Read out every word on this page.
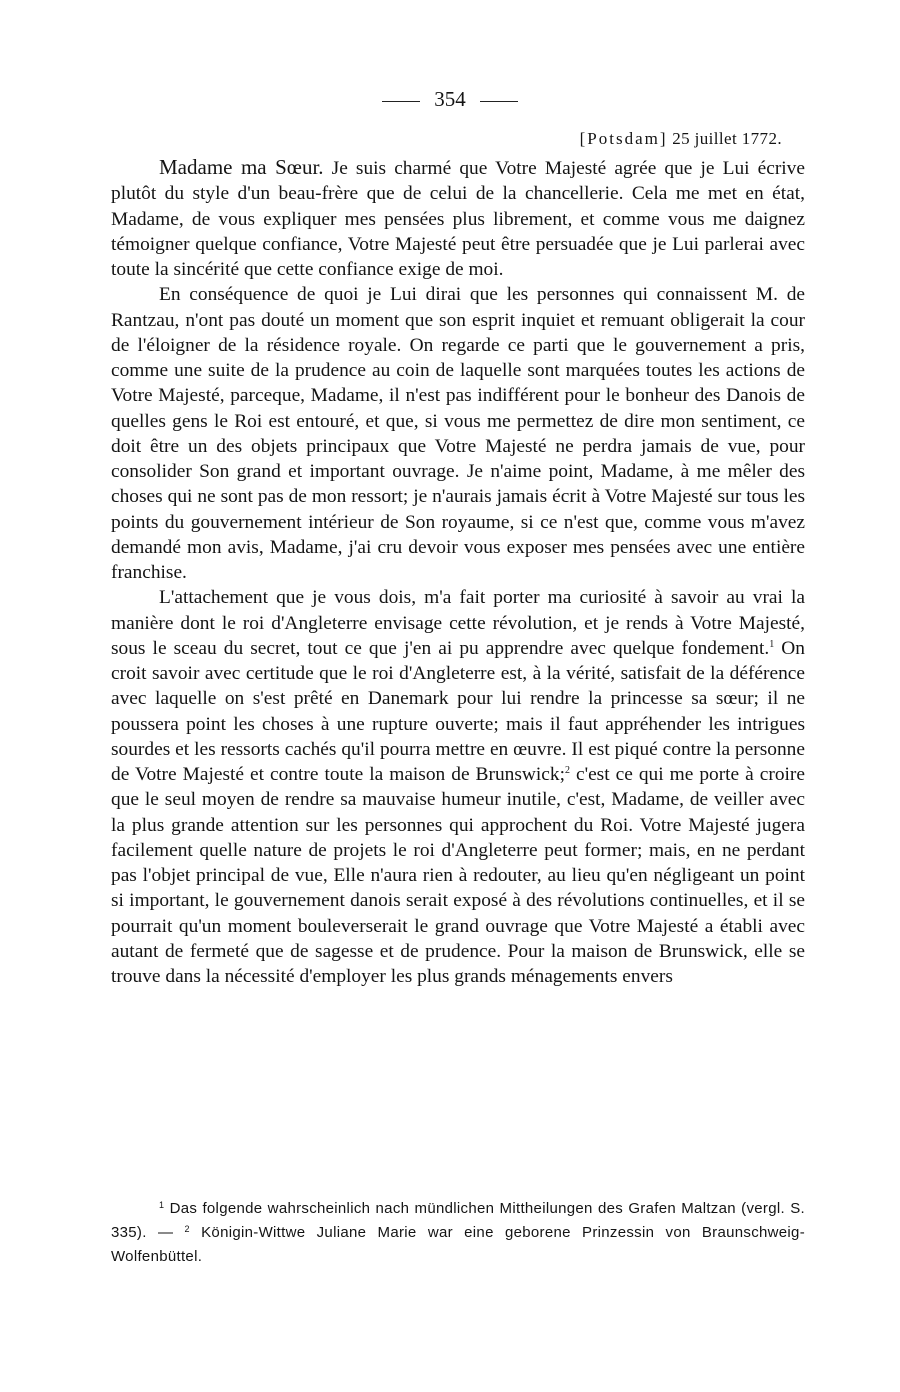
354
[Potsdam] 25 juillet 1772.

Madame ma Sœur. Je suis charmé que Votre Majesté agrée que je Lui écrive plutôt du style d'un beau-frère que de celui de la chancellerie. Cela me met en état, Madame, de vous expliquer mes pensées plus librement, et comme vous me daignez témoigner quelque confiance, Votre Majesté peut être persuadée que je Lui parlerai avec toute la sincérité que cette confiance exige de moi.

En conséquence de quoi je Lui dirai que les personnes qui connaissent M. de Rantzau, n'ont pas douté un moment que son esprit inquiet et remuant obligerait la cour de l'éloigner de la résidence royale. On regarde ce parti que le gouvernement a pris, comme une suite de la prudence au coin de laquelle sont marquées toutes les actions de Votre Majesté, parceque, Madame, il n'est pas indifférent pour le bonheur des Danois de quelles gens le Roi est entouré, et que, si vous me permettez de dire mon sentiment, ce doit être un des objets principaux que Votre Majesté ne perdra jamais de vue, pour consolider Son grand et important ouvrage. Je n'aime point, Madame, à me mêler des choses qui ne sont pas de mon ressort; je n'aurais jamais écrit à Votre Majesté sur tous les points du gouvernement intérieur de Son royaume, si ce n'est que, comme vous m'avez demandé mon avis, Madame, j'ai cru devoir vous exposer mes pensées avec une entière franchise.

L'attachement que je vous dois, m'a fait porter ma curiosité à savoir au vrai la manière dont le roi d'Angleterre envisage cette révolution, et je rends à Votre Majesté, sous le sceau du secret, tout ce que j'en ai pu apprendre avec quelque fondement.$^1$ On croit savoir avec certitude que le roi d'Angleterre est, à la vérité, satisfait de la déférence avec laquelle on s'est prêté en Danemark pour lui rendre la princesse sa sœur; il ne poussera point les choses à une rupture ouverte; mais il faut appréhender les intrigues sourdes et les ressorts cachés qu'il pourra mettre en œuvre. Il est piqué contre la personne de Votre Majesté et contre toute la maison de Brunswick;$^2$ c'est ce qui me porte à croire que le seul moyen de rendre sa mauvaise humeur inutile, c'est, Madame, de veiller avec la plus grande attention sur les personnes qui approchent du Roi. Votre Majesté jugera facilement quelle nature de projets le roi d'Angleterre peut former; mais, en ne perdant pas l'objet principal de vue, Elle n'aura rien à redouter, au lieu qu'en négligeant un point si important, le gouvernement danois serait exposé à des révolutions continuelles, et il se pourrait qu'un moment bouleverserait le grand ouvrage que Votre Majesté a établi avec autant de fermeté que de sagesse et de prudence. Pour la maison de Brunswick, elle se trouve dans la nécessité d'employer les plus grands ménagements envers

$^1$ Das folgende wahrscheinlich nach mündlichen Mittheilungen des Grafen Maltzan (vergl. S. 335). — $^2$ Königin-Wittwe Juliane Marie war eine geborene Prinzessin von Braunschweig-Wolfenbüttel.
